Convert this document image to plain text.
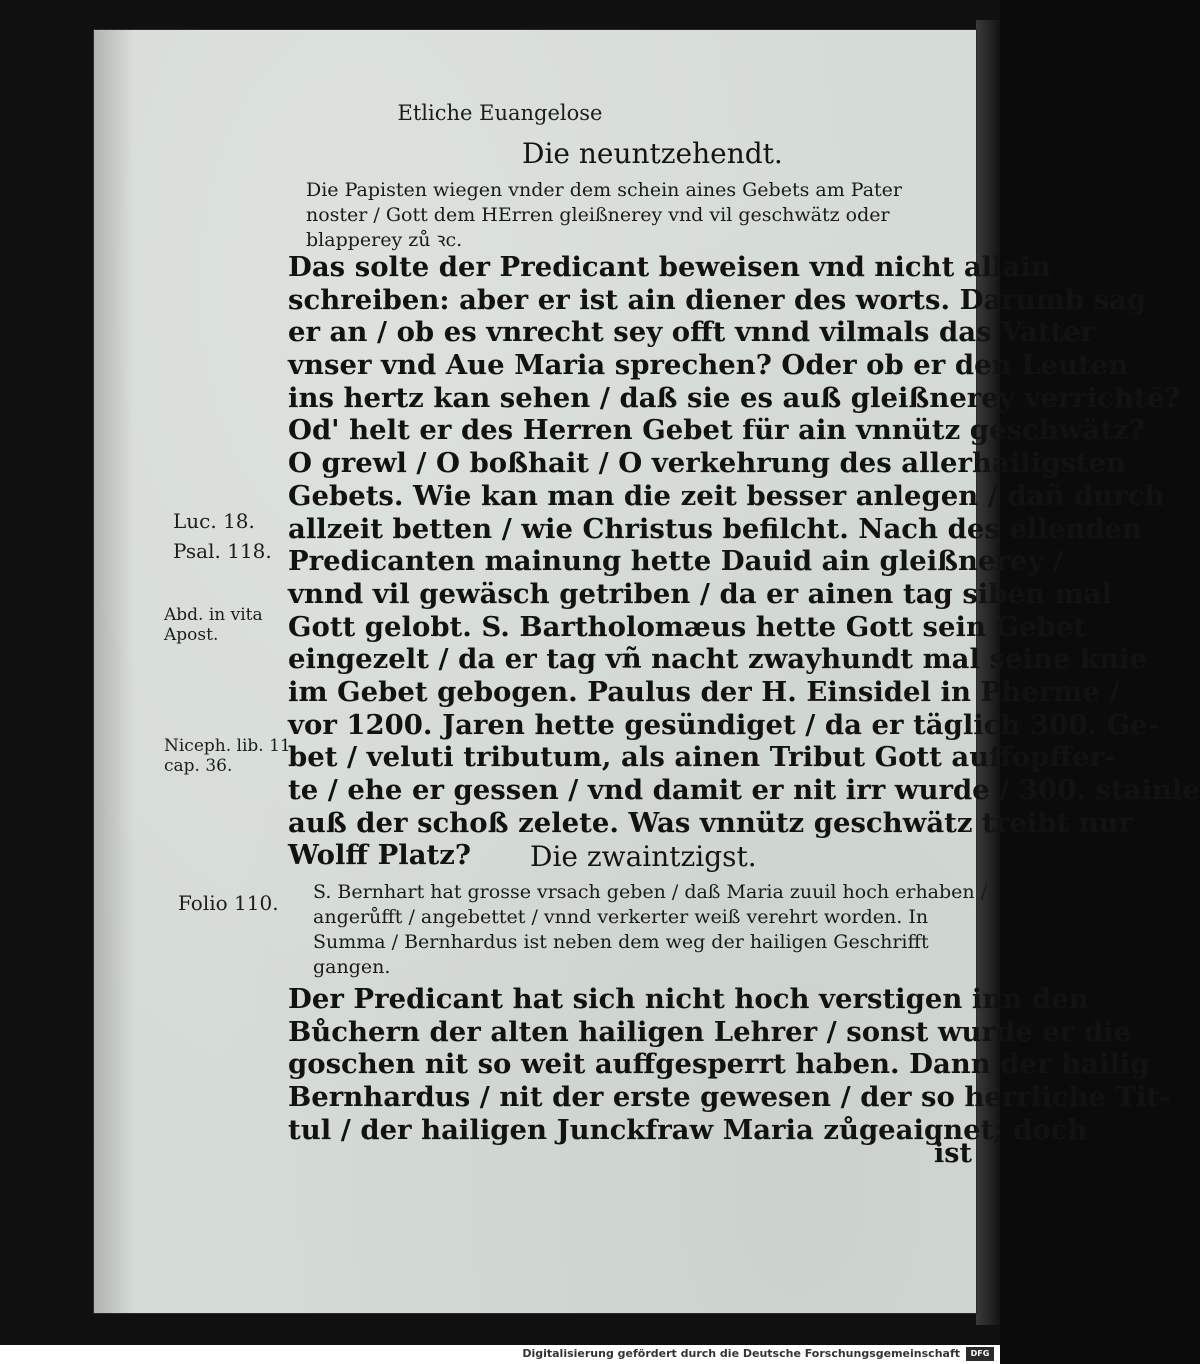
Etliche Euangelose
Die neuntzehendt.
Die Papisten wiegen vnder dem schein aines Gebets am Pater
noster / Gott dem HErren gleißnerey vnd vil geschwätz oder
blapperey zů ꝛc.
Das solte der Predicant beweisen vnd nicht allain
schreiben: aber er ist ain diener des worts. Darumb sag
er an / ob es vnrecht sey offt vnnd vilmals das Vatter
vnser vnd Aue Maria sprechen? Oder ob er den Leuten
ins hertz kan sehen / daß sie es auß gleißnerey verrichtē?
Od' helt er des Herren Gebet für ain vnnütz geschwätz?
O grewl / O boßhait / O verkehrung des allerhailigsten
Gebets. Wie kan man die zeit besser anlegen / dañ durch
allzeit betten / wie Christus befilcht. Nach des ellenden
Predicanten mainung hette Dauid ain gleißnerey /
vnnd vil gewäsch getriben / da er ainen tag siben mal
Gott gelobt. S. Bartholomæus hette Gott sein Gebet
eingezelt / da er tag vñ nacht zwayhundt mal seine knie
im Gebet gebogen. Paulus der H. Einsidel in Pherme /
vor 1200. Jaren hette gesündiget / da er täglich 300. Ge-
bet / veluti tributum, als ainen Tribut Gott auffopffer-
te / ehe er gessen / vnd damit er nit irr wurde / 300. stainle
auß der schoß zelete. Was vnnütz geschwätz treibt nur
Wolff Platz?	Die zwaintzigst.
S. Bernhart hat grosse vrsach geben / daß Maria zuuil hoch erhaben /
angerůfft / angebettet / vnnd verkerter weiß verehrt worden. In
Summa / Bernhardus ist neben dem weg der hailigen Geschrifft
gangen.
Der Predicant hat sich nicht hoch verstigen inn den
Bůchern der alten hailigen Lehrer / sonst wurde er die
goschen nit so weit auffgesperrt haben. Dann der hailig
Bernhardus / nit der erste gewesen / der so herrliche Tit-
tul / der hailigen Junckfraw Maria zůgeaignet; doch
ist
Luc. 18.
Psal. 118.
Abd. in vita
Apost.
Niceph. lib. 11.
cap. 36.
Folio 110.
Digitalisierung gefördert durch die Deutsche Forschungsgemeinschaft	DFG
